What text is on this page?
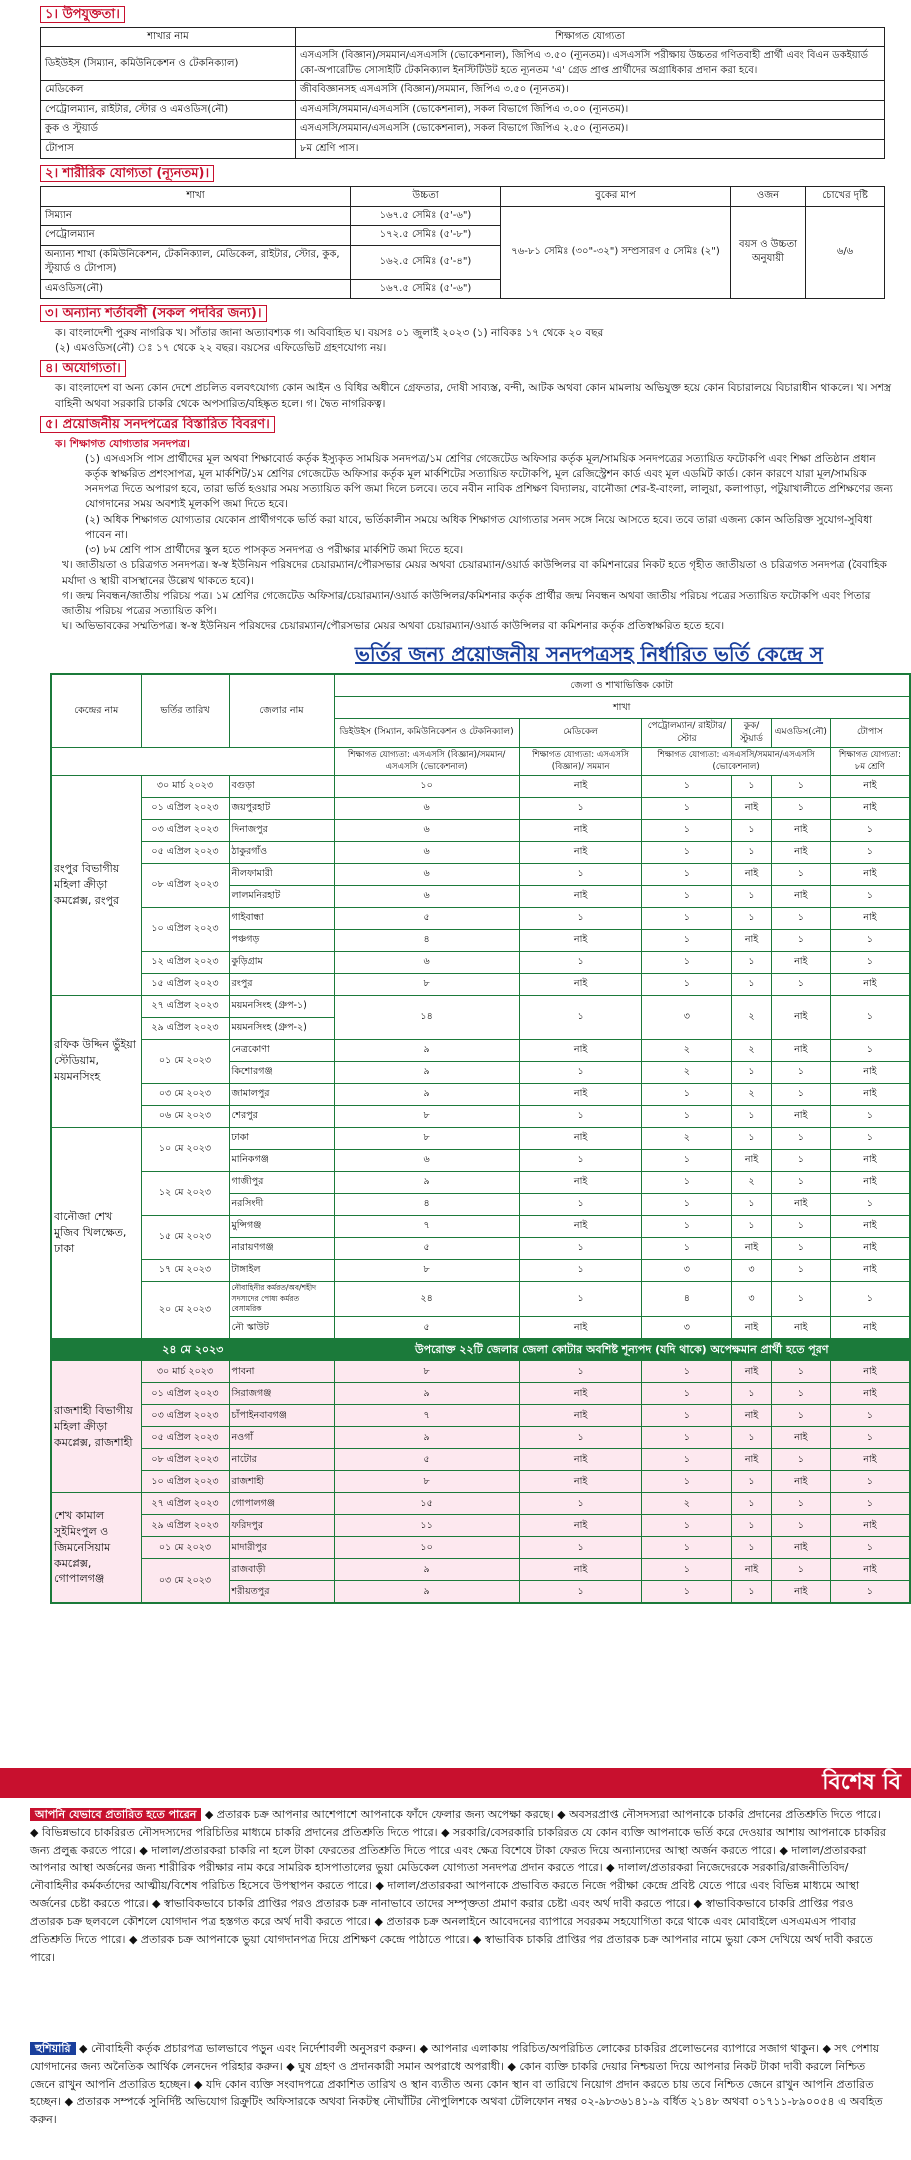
১। উপযুক্ততা।
শাখার নাম	শিক্ষাগত যোগ্যতা
ডিইউইস (সিম্যান, কমিউনিকেশন ও টেকনিক্যাল)	এসএসসি (বিজ্ঞান)/সমমান/এসএসসি (ভোকেশনাল), জিপিএ ৩.৫০ (ন্যূনতম)। এসএসসি পরীক্ষায় উচ্চতর গণিতবাহী প্রার্থী এবং বিএন ডকইয়ার্ড কো-অপারেটিভ সোসাইটি টেকনিক্যাল ইনস্টিটিউট হতে ন্যূনতম 'এ' গ্রেড প্রাপ্ত প্রার্থীদের অগ্রাধিকার প্রদান করা হবে।
মেডিকেল	জীববিজ্ঞানসহ এসএসসি (বিজ্ঞান)/সমমান, জিপিএ ৩.৫০ (ন্যূনতম)।
পেট্রোলম্যান, রাইটার, স্টোর ও এমওডিস(নৌ)	এসএসসি/সমমান/এসএসসি (ভোকেশনাল), সকল বিভাগে জিপিএ ৩.০০ (ন্যূনতম)।
কুক ও স্টুয়ার্ড	এসএসসি/সমমান/এসএসসি (ভোকেশনাল), সকল বিভাগে জিপিএ ২.৫০ (ন্যূনতম)।
টোপাস	৮ম শ্রেণি পাস।
২। শারীরিক যোগ্যতা (ন্যূনতম)।
শাখা	উচ্চতা	বুকের মাপ	ওজন	চোখের দৃষ্টি
সিম্যান	১৬৭.৫ সেমিঃ (৫'-৬")	৭৬-৮১ সেমিঃ (৩০"-৩২") সম্প্রসারণ ৫ সেমিঃ (২")	বয়স ও উচ্চতা অনুযায়ী	৬/৬
পেট্রোলম্যান	১৭২.৫ সেমিঃ (৫'-৮")			
অন্যান্য শাখা (কমিউনিকেশন, টেকনিক্যাল, মেডিকেল, রাইটার, স্টোর, কুক, স্টুয়ার্ড ও টোপাস)	১৬২.৫ সেমিঃ (৫'-৪")			
এমওডিস(নৌ)	১৬৭.৫ সেমিঃ (৫'-৬")			
৩। অন্যান্য শর্তাবলী (সকল পদবির জন্য)।
ক। বাংলাদেশী পুরুষ নাগরিক খ। সাঁতার জানা অত্যাবশ্যক গ। অবিবাহিত ঘ। বয়সঃ ০১ জুলাই ২০২৩ (১) নাবিকঃ ১৭ থেকে ২০ বছর
(২) এমওডিস(নৌ) ঃ ১৭ থেকে ২২ বছর। বয়সের এফিডেভিট গ্রহণযোগ্য নয়।
৪। অযোগ্যতা।
ক। বাংলাদেশ বা অন্য কোন দেশে প্রচলিত বলবৎযোগ্য কোন আইন ও বিধির অধীনে গ্রেফতার, দোষী সাব্যস্ত, বন্দী, আটক অথবা কোন মামলায় অভিযুক্ত হয়ে কোন বিচারালয়ে বিচারাধীন থাকলে। খ। সশস্ত্র বাহিনী অথবা সরকারি চাকরি থেকে অপসারিত/বহিষ্কৃত হলে। গ। দ্বৈত নাগরিকত্ব।
৫। প্রয়োজনীয় সনদপত্রের বিস্তারিত বিবরণ।
ক। শিক্ষাগত যোগ্যতার সনদপত্র।
(১) এসএসসি পাস প্রার্থীদের মূল অথবা শিক্ষাবোর্ড কর্তৃক ইস্যুকৃত সাময়িক সনদপত্র/১ম শ্রেণির গেজেটেড অফিসার কর্তৃক মূল/সাময়িক সনদপত্রের সত্যায়িত ফটোকপি এবং শিক্ষা প্রতিষ্ঠান প্রধান কর্তৃক স্বাক্ষরিত প্রশংসাপত্র, মূল মার্কশিট/১ম শ্রেণির গেজেটেড অফিসার কর্তৃক মূল মার্কশিটের সত্যায়িত ফটোকপি, মূল রেজিস্ট্রেশন কার্ড এবং মূল এডমিট কার্ড। কোন কারণে যারা মূল/সাময়িক সনদপত্র দিতে অপারগ হবে, তারা ভর্তি হওয়ার সময় সত্যায়িত কপি জমা দিলে চলবে। তবে নবীন নাবিক প্রশিক্ষণ বিদ্যালয়, বানৌজা শের-ই-বাংলা, লালুয়া, কলাপাড়া, পটুয়াখালীতে প্রশিক্ষণের জন্য যোগদানের সময় অবশ্যই মূলকপি জমা দিতে হবে।
(২) অধিক শিক্ষাগত যোগ্যতার যেকোন প্রার্থীগণকে ভর্তি করা যাবে, ভর্তিকালীন সময়ে অধিক শিক্ষাগত যোগ্যতার সনদ সঙ্গে নিয়ে আসতে হবে। তবে তারা এজন্য কোন অতিরিক্ত সুযোগ-সুবিধা পাবেন না।
(৩) ৮ম শ্রেণি পাস প্রার্থীদের স্কুল হতে পাসকৃত সনদপত্র ও পরীক্ষার মার্কশিট জমা দিতে হবে।
খ। জাতীয়তা ও চরিত্রগত সনদপত্র। স্ব-স্ব ইউনিয়ন পরিষদের চেয়ারম্যান/পৌরসভার মেয়র অথবা চেয়ারম্যান/ওয়ার্ড কাউন্সিলর বা কমিশনারের নিকট হতে গৃহীত জাতীয়তা ও চরিত্রগত সনদপত্র (বৈবাহিক মর্যাদা ও স্থায়ী বাসস্থানের উল্লেখ থাকতে হবে)।
গ। জন্ম নিবন্ধন/জাতীয় পরিচয় পত্র। ১ম শ্রেণির গেজেটেড অফিসার/চেয়ারম্যান/ওয়ার্ড কাউন্সিলর/কমিশনার কর্তৃক প্রার্থীর জন্ম নিবন্ধন অথবা জাতীয় পরিচয় পত্রের সত্যায়িত ফটোকপি এবং পিতার জাতীয় পরিচয় পত্রের সত্যায়িত কপি।
ঘ। অভিভাবকের সম্মতিপত্র। স্ব-স্ব ইউনিয়ন পরিষদের চেয়ারম্যান/পৌরসভার মেয়র অথবা চেয়ারম্যান/ওয়ার্ড কাউন্সিলর বা কমিশনার কর্তৃক প্রতিস্বাক্ষরিত হতে হবে।
ভর্তির জন্য প্রয়োজনীয় সনদপত্রসহ নির্ধারিত ভর্তি কেন্দ্রে স
কেন্দ্রের নাম	ভর্তির তারিখ	জেলার নাম	জেলা ও শাখাভিত্তিক কোটা					
			শাখা					
			ডিইউইস (সিম্যান, কমিউনিকেশন ও টেকনিক্যাল)	মেডিকেল	পেট্রোলম্যান/ রাইটার/স্টোর	কুক/স্টুয়ার্ড	এমওডিস(নৌ)	টোপাস
			শিক্ষাগত যোগ্যতা: এসএসসি (বিজ্ঞান)/সমমান/ এসএসসি (ভোকেশনাল)	শিক্ষাগত যোগ্যতা: এসএসসি (বিজ্ঞান)/ সমমান	শিক্ষাগত যোগ্যতা: এসএসসি/সমমান/এসএসসি (ভোকেশনাল)			শিক্ষাগত যোগ্যতা: ৮ম শ্রেণি
রংপুর বিভাগীয় মহিলা ক্রীড়া কমপ্লেক্স, রংপুর	৩০ মার্চ ২০২৩	বগুড়া	১০	নাই	১	১	১	নাই
	০১ এপ্রিল ২০২৩	জয়পুরহাট	৬	১	১	নাই	১	নাই
	০৩ এপ্রিল ২০২৩	দিনাজপুর	৬	নাই	১	১	নাই	১
	০৫ এপ্রিল ২০২৩	ঠাকুরগাঁও	৬	নাই	১	১	নাই	১
	০৮ এপ্রিল ২০২৩	নীলফামারী	৬	১	১	নাই	১	নাই
		লালমনিরহাট	৬	নাই	১	১	নাই	১
	১০ এপ্রিল ২০২৩	গাইবান্ধা	৫	১	১	১	১	নাই
		পঞ্চগড়	৪	নাই	১	নাই	১	১
	১২ এপ্রিল ২০২৩	কুড়িগ্রাম	৬	১	১	১	নাই	১
	১৫ এপ্রিল ২০২৩	রংপুর	৮	নাই	১	১	১	নাই
রফিক উদ্দিন ভুঁইয়া স্টেডিয়াম, ময়মনসিংহ	২৭ এপ্রিল ২০২৩	ময়মনসিংহ (গ্রুপ-১)	১৪	১	৩	২	নাই	১
	২৯ এপ্রিল ২০২৩	ময়মনসিংহ (গ্রুপ-২)						
	০১ মে ২০২৩	নেত্রকোণা	৯	নাই	২	২	নাই	১
		কিশোরগঞ্জ	৯	১	২	১	১	নাই
	০৩ মে ২০২৩	জামালপুর	৯	নাই	১	২	১	নাই
	০৬ মে ২০২৩	শেরপুর	৮	১	১	১	নাই	১
বানৌজা শেখ মুজিব খিলক্ষেত, ঢাকা	১০ মে ২০২৩	ঢাকা	৮	নাই	২	১	১	১
		মানিকগঞ্জ	৬	১	১	নাই	১	নাই
	১২ মে ২০২৩	গাজীপুর	৯	নাই	১	২	১	নাই
		নরসিংদী	৪	১	১	১	নাই	১
	১৫ মে ২০২৩	মুন্সিগঞ্জ	৭	নাই	১	১	১	নাই
		নারায়ণগঞ্জ	৫	১	১	নাই	১	নাই
	১৭ মে ২০২৩	টাঙ্গাইল	৮	১	৩	৩	১	নাই
	২০ মে ২০২৩	নৌবাহিনীর কর্মরত/অব/শহীদ সদস্যদের পোষ্য কর্মরত বেসামরিক	২৪	১	৪	৩	১	১
		নৌ স্কাউট	৫	নাই	৩	নাই	নাই	নাই
২৪ মে ২০২৩			উপরোক্ত ২২টি জেলার জেলা কোটার অবশিষ্ট শূন্যপদ (যদি থাকে) অপেক্ষমান প্রার্থী হতে পূরণ					
রাজশাহী বিভাগীয় মহিলা ক্রীড়া কমপ্লেক্স, রাজশাহী	৩০ মার্চ ২০২৩	পাবনা	৮	১	১	নাই	১	নাই
	০১ এপ্রিল ২০২৩	সিরাজগঞ্জ	৯	নাই	১	১	১	নাই
	০৩ এপ্রিল ২০২৩	চাঁপাইনবাবগঞ্জ	৭	নাই	১	নাই	১	১
	০৫ এপ্রিল ২০২৩	নওগাঁ	৯	১	১	১	নাই	১
	০৮ এপ্রিল ২০২৩	নাটোর	৫	নাই	১	নাই	১	নাই
	১০ এপ্রিল ২০২৩	রাজশাহী	৮	নাই	১	১	নাই	১
শেখ কামাল সুইমিংপুল ও জিমনেসিয়াম কমপ্লেক্স, গোপালগঞ্জ	২৭ এপ্রিল ২০২৩	গোপালগঞ্জ	১৫	১	২	১	১	১
	২৯ এপ্রিল ২০২৩	ফরিদপুর	১১	নাই	১	১	১	নাই
	০১ মে ২০২৩	মাদারীপুর	১০	১	১	১	নাই	১
	০৩ মে ২০২৩	রাজবাড়ী	৯	নাই	১	নাই	১	নাই
		শরীয়তপুর	৯	১	১	১	নাই	১
বিশেষ বি
আপনি যেভাবে প্রতারিত হতে পারেন ◆ প্রতারক চক্র আপনার আশেপাশে আপনাকে ফাঁদে ফেলার জন্য অপেক্ষা করছে। ◆ অবসরপ্রাপ্ত নৌসদস্যরা আপনাকে চাকরি প্রদানের প্রতিশ্রুতি দিতে পারে। ◆ বিভিন্নভাবে চাকরিরত নৌসদস্যদের পরিচিতির মাধ্যমে চাকরি প্রদানের প্রতিশ্রুতি দিতে পারে। ◆ সরকারি/বেসরকারি চাকরিরত যে কোন ব্যক্তি আপনাকে ভর্তি করে দেওয়ার আশায় আপনাকে চাকরির জন্য প্রলুব্ধ করতে পারে। ◆ দালাল/প্রতারকরা চাকরি না হলে টাকা ফেরতের প্রতিশ্রুতি দিতে পারে এবং ক্ষেত্র বিশেষে টাকা ফেরত দিয়ে অন্যান্যদের আস্থা অর্জন করতে পারে। ◆ দালাল/প্রতারকরা আপনার আস্থা অর্জনের জন্য শারীরিক পরীক্ষার নাম করে সামরিক হাসপাতালের ভুয়া মেডিকেল যোগ্যতা সনদপত্র প্রদান করতে পারে। ◆ দালাল/প্রতারকরা নিজেদেরকে সরকারি/রাজনীতিবিদ/নৌবাহিনীর কর্মকর্তাদের আত্মীয়/বিশেষ পরিচিত হিসেবে উপস্থাপন করতে পারে। ◆ দালাল/প্রতারকরা আপনাকে প্রভাবিত করতে নিজে পরীক্ষা কেন্দ্রে প্রবিষ্ট যেতে পারে এবং বিভিন্ন মাধ্যমে আস্থা অর্জনের চেষ্টা করতে পারে। ◆ স্বাভাবিকভাবে চাকরি প্রাপ্তির পরও প্রতারক চক্র নানাভাবে তাদের সম্পৃক্ততা প্রমাণ করার চেষ্টা এবং অর্থ দাবী করতে পারে। ◆ স্বাভাবিকভাবে চাকরি প্রাপ্তির পরও প্রতারক চক্র ছলবলে কৌশলে যোগদান পত্র হস্তগত করে অর্থ দাবী করতে পারে। ◆ প্রতারক চক্র অনলাইনে আবেদনের ব্যাপারে সবরকম সহযোগিতা করে থাকে এবং মোবাইলে এসএমএস পাবার প্রতিশ্রুতি দিতে পারে। ◆ প্রতারক চক্র আপনাকে ভুয়া যোগদানপত্র দিয়ে প্রশিক্ষণ কেন্দ্রে পাঠাতে পারে। ◆ স্বাভাবিক চাকরি প্রাপ্তির পর প্রতারক চক্র আপনার নামে ভুয়া কেস দেখিয়ে অর্থ দাবী করতে পারে।
হুশিয়ারি ◆ নৌবাহিনী কর্তৃক প্রচারপত্র ভালভাবে পড়ুন এবং নির্দেশাবলী অনুসরণ করুন। ◆ আপনার এলাকায় পরিচিত/অপরিচিত লোকের চাকরির প্রলোভনের ব্যাপারে সজাগ থাকুন। ◆ সৎ পেশায় যোগদানের জন্য অনৈতিক আর্থিক লেনদেন পরিহার করুন। ◆ ঘুষ গ্রহণ ও প্রদানকারী সমান অপরাধে অপরাধী। ◆ কোন ব্যক্তি চাকরি দেয়ার নিশ্চয়তা দিয়ে আপনার নিকট টাকা দাবী করলে নিশ্চিত জেনে রাখুন আপনি প্রতারিত হচ্ছেন। ◆ যদি কোন ব্যক্তি সংবাদপত্রে প্রকাশিত তারিখ ও স্থান ব্যতীত অন্য কোন স্থান বা তারিখে নিয়োগ প্রদান করতে চায় তবে নিশ্চিত জেনে রাখুন আপনি প্রতারিত হচ্ছেন। ◆ প্রতারক সম্পর্কে সুনির্দিষ্ট অভিযোগ রিক্রুটিং অফিসারকে অথবা নিকটস্থ নৌঘাঁটির নৌপুলিশকে অথবা টেলিফোন নম্বর ০২-৯৮৩৬১৪১-৯ বর্ধিত ২১৪৮ অথবা ০১৭১১-৮৯০০৫৪ এ অবহিত করুন।
